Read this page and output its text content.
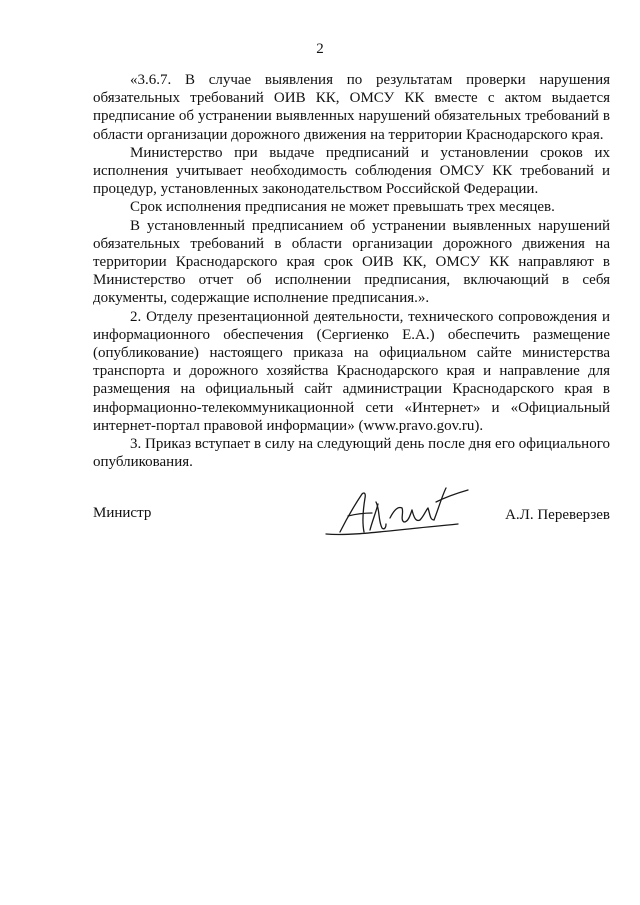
2

«3.6.7. В случае выявления по результатам проверки нарушения обязательных требований ОИВ КК, ОМСУ КК вместе с актом выдается предписание об устранении выявленных нарушений обязательных требований в области организации дорожного движения на территории Краснодарского края.

Министерство при выдаче предписаний и установлении сроков их исполнения учитывает необходимость соблюдения ОМСУ КК требований и процедур, установленных законодательством Российской Федерации.

Срок исполнения предписания не может превышать трех месяцев.

В установленный предписанием об устранении выявленных нарушений обязательных требований в области организации дорожного движения на территории Краснодарского края срок ОИВ КК, ОМСУ КК направляют в Министерство отчет об исполнении предписания, включающий в себя документы, содержащие исполнение предписания.».

2. Отделу презентационной деятельности, технического сопровождения и информационного обеспечения (Сергиенко Е.А.) обеспечить размещение (опубликование) настоящего приказа на официальном сайте министерства транспорта и дорожного хозяйства Краснодарского края и направление для размещения на официальный сайт администрации Краснодарского края в информационно-телекоммуникационной сети «Интернет» и «Официальный интернет-портал правовой информации» (www.pravo.gov.ru).

3. Приказ вступает в силу на следующий день после дня его официального опубликования.

Министр	А.Л. Переверзев
